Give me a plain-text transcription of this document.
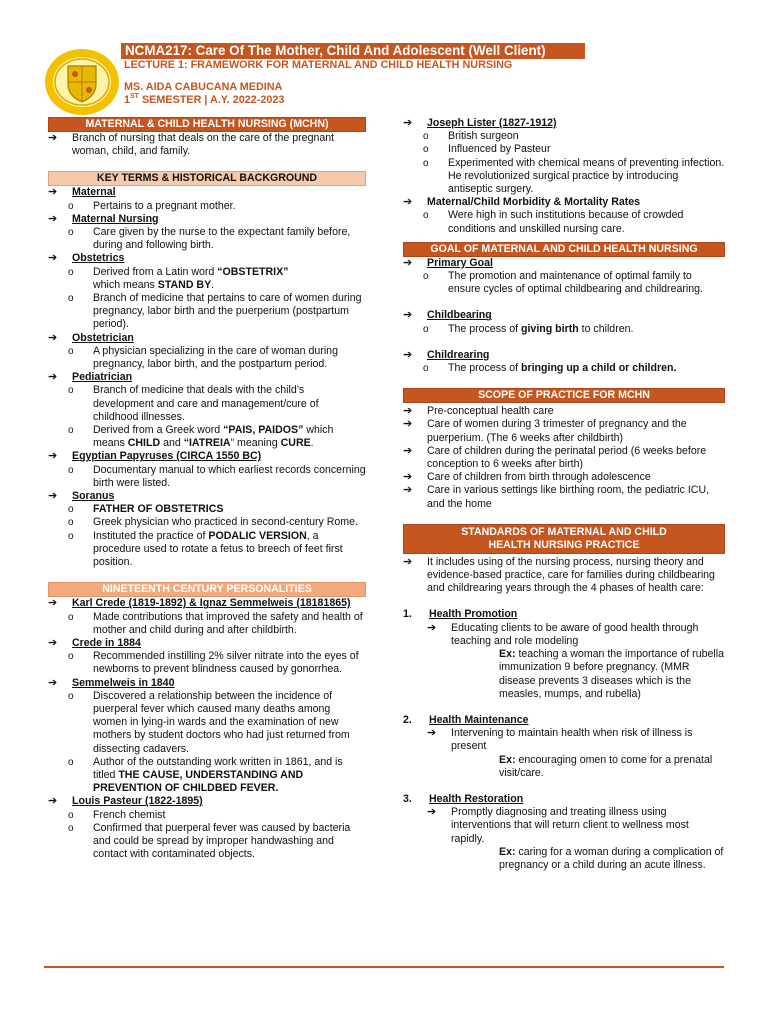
NCMA217: Care Of The Mother, Child And Adolescent (Well Client)
LECTURE 1: FRAMEWORK FOR MATERNAL AND CHILD HEALTH NURSING
MS. AIDA CABUCANA MEDINA
1ST SEMESTER | A.Y. 2022-2023
MATERNAL & CHILD HEALTH NURSING (MCHN)
➔ Branch of nursing that deals on the care of the pregnant woman, child, and family.
KEY TERMS & HISTORICAL BACKGROUND
➔ Maternal
o Pertains to a pregnant mother.
➔ Maternal Nursing
o Care given by the nurse to the expectant family before, during and following birth.
➔ Obstetrics
o Derived from a Latin word “OBSTETRIX”
which means STAND BY.
o Branch of medicine that pertains to care of women during pregnancy, labor birth and the puerperium (postpartum period).
➔ Obstetrician
o A physician specializing in the care of woman during pregnancy, labor birth, and the postpartum period.
➔ Pediatrician
o Branch of medicine that deals with the child’s development and care and management/cure of childhood illnesses.
o Derived from a Greek word “PAIS, PAIDOS” which means CHILD and “IATREIA” meaning CURE.
➔ Egyptian Papyruses (CIRCA 1550 BC)
o Documentary manual to which earliest records concerning birth were listed.
➔ Soranus
o FATHER OF OBSTETRICS
o Greek physician who practiced in second-century Rome.
o Instituted the practice of PODALIC VERSION, a procedure used to rotate a fetus to breech of feet first position.
NINETEENTH CENTURY PERSONALITIES
➔ Karl Crede (1819-1892) & Ignaz Semmelweis (18181865)
o Made contributions that improved the safety and health of mother and child during and after childbirth.
➔ Crede in 1884
o Recommended instilling 2% silver nitrate into the eyes of newborns to prevent blindness caused by gonorrhea.
➔ Semmelweis in 1840
o Discovered a relationship between the incidence of puerperal fever which caused many deaths among women in lying-in wards and the examination of new mothers by student doctors who had just returned from dissecting cadavers.
o Author of the outstanding work written in 1861, and is titled THE CAUSE, UNDERSTANDING AND PREVENTION OF CHILDBED FEVER.
➔ Louis Pasteur (1822-1895)
o French chemist
o Confirmed that puerperal fever was caused by bacteria and could be spread by improper handwashing and contact with contaminated objects.
➔ Joseph Lister (1827-1912)
o British surgeon
o Influenced by Pasteur
o Experimented with chemical means of preventing infection. He revolutionized surgical practice by introducing antiseptic surgery.
➔ Maternal/Child Morbidity & Mortality Rates
o Were high in such institutions because of crowded conditions and unskilled nursing care.
GOAL OF MATERNAL AND CHILD HEALTH NURSING
➔ Primary Goal
o The promotion and maintenance of optimal family to ensure cycles of optimal childbearing and childrearing.
➔ Childbearing
o The process of giving birth to children.
➔ Childrearing
o The process of bringing up a child or children.
SCOPE OF PRACTICE FOR MCHN
➔ Pre-conceptual health care
➔ Care of women during 3 trimester of pregnancy and the puerperium. (The 6 weeks after childbirth)
➔ Care of children during the perinatal period (6 weeks before conception to 6 weeks after birth)
➔ Care of children from birth through adolescence
➔ Care in various settings like birthing room, the pediatric ICU, and the home
STANDARDS OF MATERNAL AND CHILD
HEALTH NURSING PRACTICE
➔ It includes using of the nursing process, nursing theory and evidence-based practice, care for families during childbearing and childrearing years through the 4 phases of health care:
1. Health Promotion
➔ Educating clients to be aware of good health through teaching and role modeling
Ex: teaching a woman the importance of rubella immunization 9 before pregnancy. (MMR disease prevents 3 diseases which is the measles, mumps, and rubella)
2. Health Maintenance
➔ Intervening to maintain health when risk of illness is present
Ex: encouraging omen to come for a prenatal visit/care.
3. Health Restoration
➔ Promptly diagnosing and treating illness using interventions that will return client to wellness most rapidly.
Ex: caring for a woman during a complication of pregnancy or a child during an acute illness.
